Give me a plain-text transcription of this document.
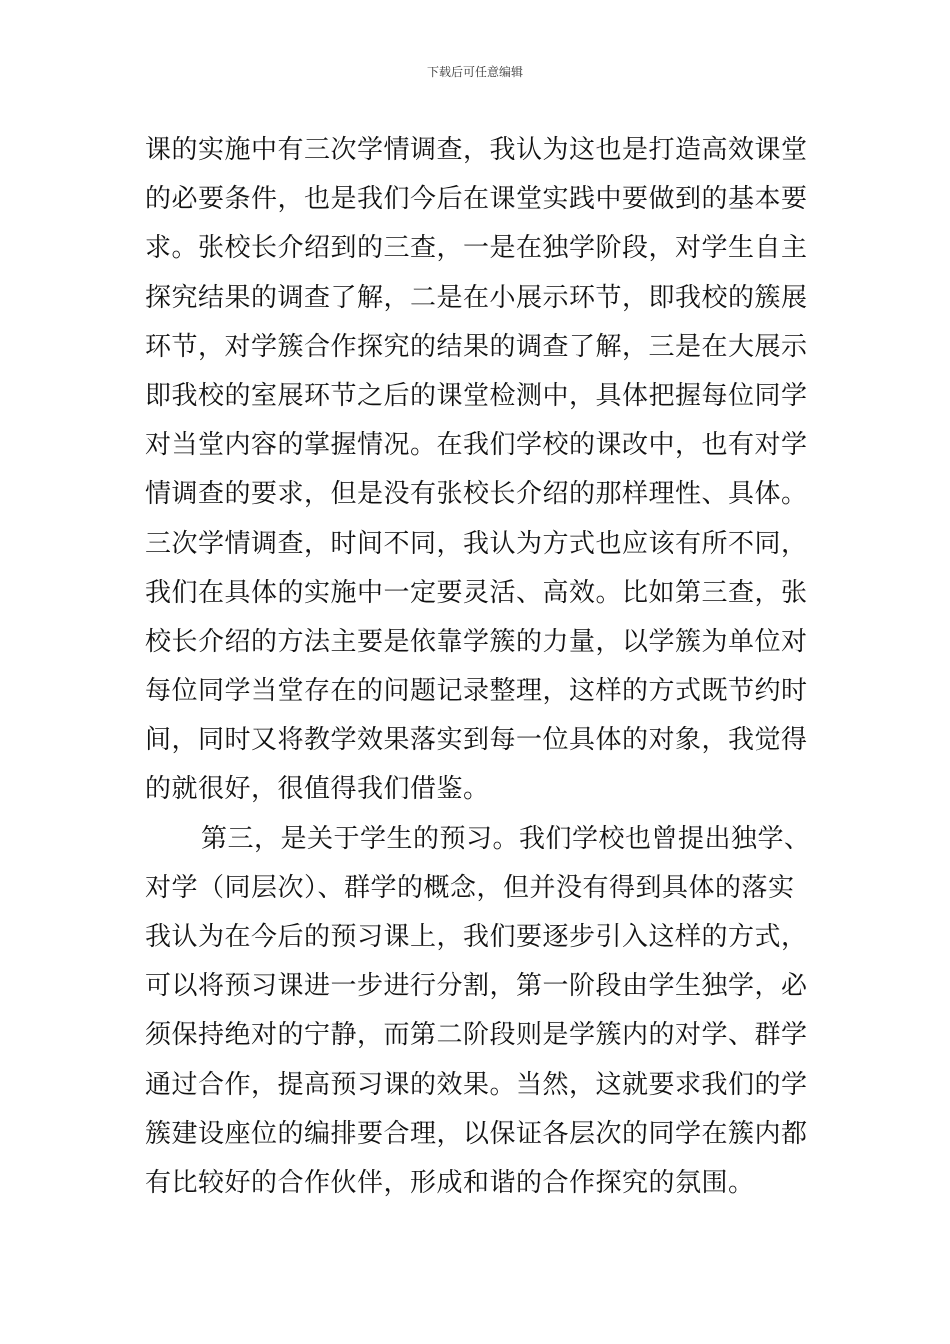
下载后可任意编辑
课的实施中有三次学情调查，我认为这也是打造高效课堂
的必要条件，也是我们今后在课堂实践中要做到的基本要
求。张校长介绍到的三查，一是在独学阶段，对学生自主
探究结果的调查了解，二是在小展示环节，即我校的簇展
环节，对学簇合作探究的结果的调查了解，三是在大展示
即我校的室展环节之后的课堂检测中，具体把握每位同学
对当堂内容的掌握情况。在我们学校的课改中，也有对学
情调查的要求，但是没有张校长介绍的那样理性、具体。
三次学情调查，时间不同，我认为方式也应该有所不同，
我们在具体的实施中一定要灵活、高效。比如第三查，张
校长介绍的方法主要是依靠学簇的力量，以学簇为单位对
每位同学当堂存在的问题记录整理，这样的方式既节约时
间，同时又将教学效果落实到每一位具体的对象，我觉得
的就很好，很值得我们借鉴。
第三，是关于学生的预习。我们学校也曾提出独学、
对学（同层次）、群学的概念，但并没有得到具体的落实
我认为在今后的预习课上，我们要逐步引入这样的方式，
可以将预习课进一步进行分割，第一阶段由学生独学，必
须保持绝对的宁静，而第二阶段则是学簇内的对学、群学
通过合作，提高预习课的效果。当然，这就要求我们的学
簇建设座位的编排要合理，以保证各层次的同学在簇内都
有比较好的合作伙伴，形成和谐的合作探究的氛围。
